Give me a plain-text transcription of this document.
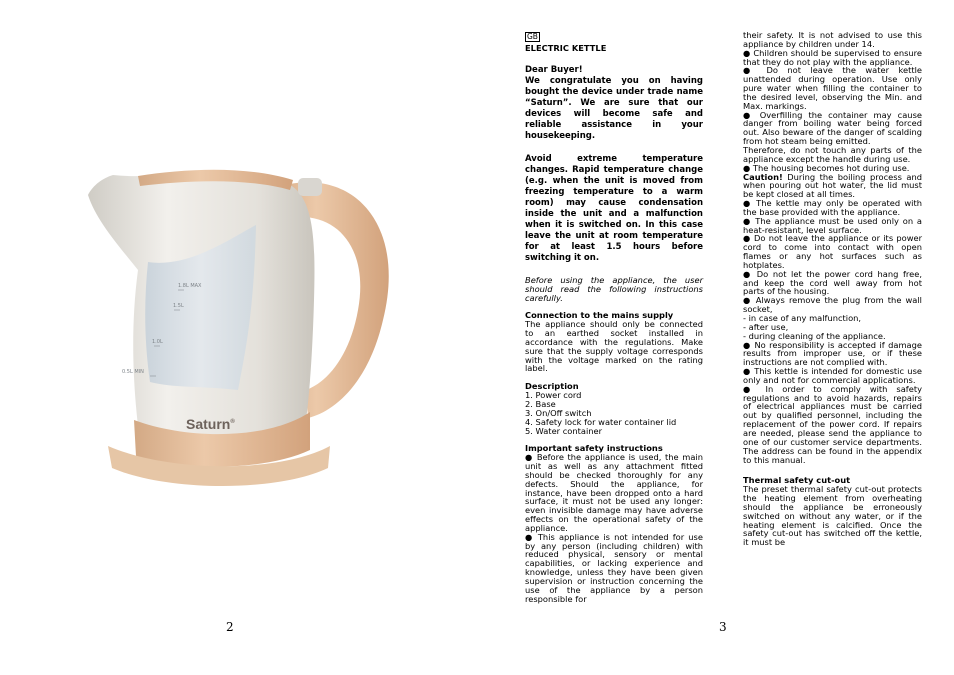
1.8L MAX
1.5L
1.0L
0.5L MIN
Saturn®
2

GB

ELECTRIC KETTLE

Dear Buyer!

We congratulate you on having bought the device under trade name “Saturn”. We are sure that our devices will become safe and reliable assistance in your housekeeping.

Avoid extreme temperature changes. Rapid temperature change (e.g. when the unit is moved from freezing temperature to a warm room) may cause condensation inside the unit and a malfunction when it is switched on. In this case leave the unit at room temperature for at least 1.5 hours before switching it on.

Before using the appliance, the user should read the following instructions carefully.

Connection to the mains supply

The appliance should only be connected to an earthed socket installed in accordance with the regulations. Make sure that the supply voltage corresponds with the voltage marked on the rating label.

Description

1. Power cord

2. Base

3. On/Off switch

4. Safety lock for water container lid

5. Water container

Important safety instructions

● Before the appliance is used, the main unit as well as any attachment fitted should be checked thoroughly for any defects. Should the appliance, for instance, have been dropped onto a hard surface, it must not be used any longer: even invisible damage may have adverse effects on the operational safety of the appliance.

● This appliance is not intended for use by any person (including children) with reduced physical, sensory or mental capabilities, or lacking experience and knowledge, unless they have been given supervision or instruction concerning the use of the appliance by a person responsible for

their safety. It is not advised to use this appliance by children under 14.

● Children should be supervised to ensure that they do not play with the appliance.

● Do not leave the water kettle unattended during operation. Use only pure water when filling the container to the desired level, observing the Min. and Max. markings.

● Overfilling the container may cause danger from boiling water being forced out. Also beware of the danger of scalding from hot steam being emitted.

Therefore, do not touch any parts of the appliance except the handle during use.

● The housing becomes hot during use.

Caution! During the boiling process and when pouring out hot water, the lid must be kept closed at all times.

● The kettle may only be operated with the base provided with the appliance.

● The appliance must be used only on a heat-resistant, level surface.

● Do not leave the appliance or its power cord to come into contact with open flames or any hot surfaces such as hotplates.

● Do not let the power cord hang free, and keep the cord well away from hot parts of the housing.

● Always remove the plug from the wall socket,

- in case of any malfunction,

- after use,

- during cleaning of the appliance.

● No responsibility is accepted if damage results from improper use, or if these instructions are not complied with.

● This kettle is intended for domestic use only and not for commercial applications.

● In order to comply with safety regulations and to avoid hazards, repairs of electrical appliances must be carried out by qualified personnel, including the replacement of the power cord. If repairs are needed, please send the appliance to one of our customer service departments. The address can be found in the appendix to this manual.

Thermal safety cut-out

The preset thermal safety cut-out protects the heating element from overheating should the appliance be erroneously switched on without any water, or if the heating element is calcified. Once the safety cut-out has switched off the kettle, it must be

3
